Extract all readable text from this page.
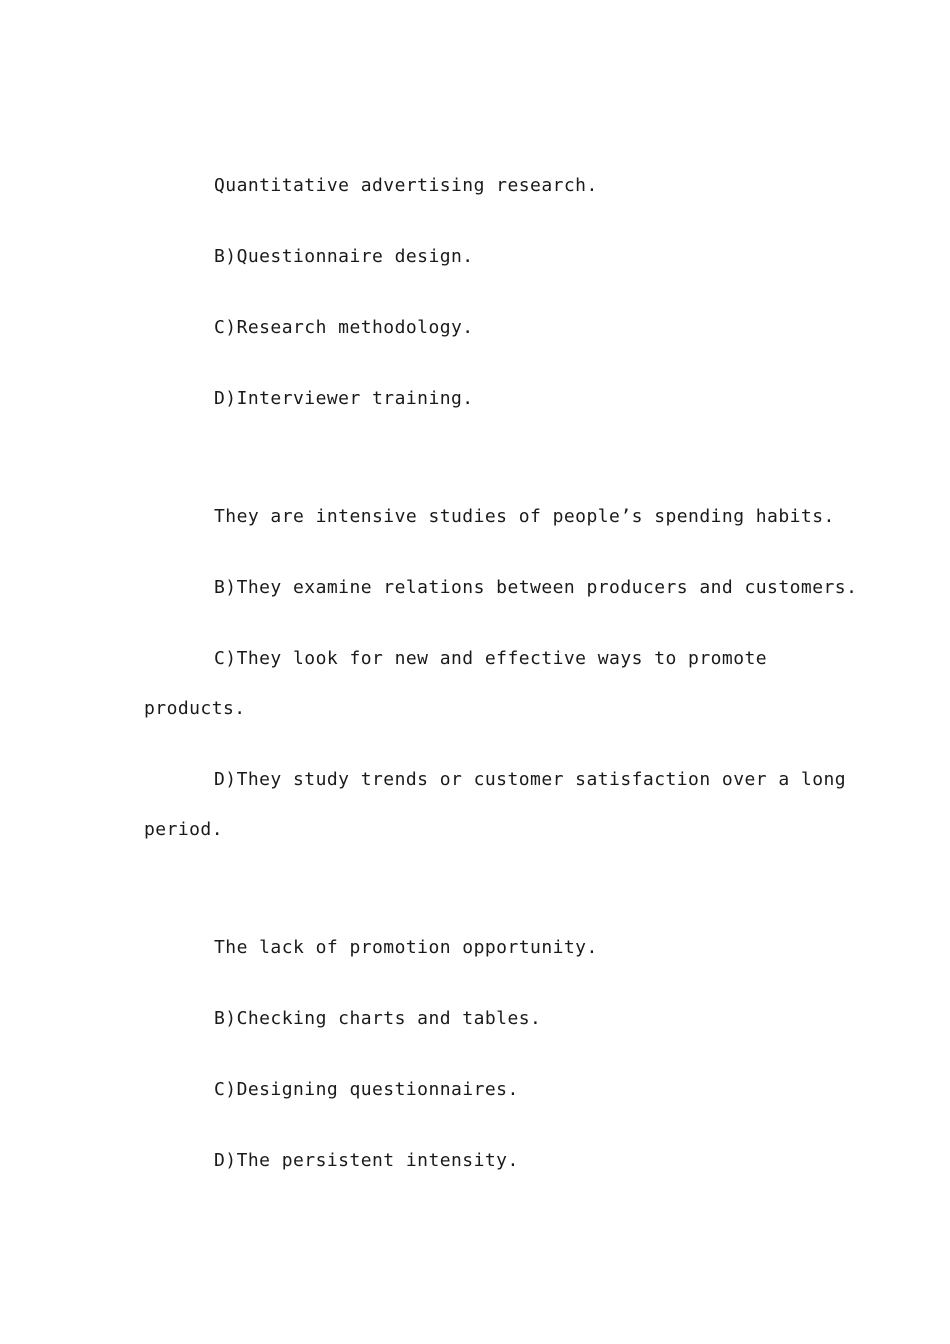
Quantitative advertising research.
B)Questionnaire design.
C)Research methodology.
D)Interviewer training.
They are intensive studies of people’s spending habits.
B)They examine relations between producers and customers.
C)They look for new and effective ways to promote
products.
D)They study trends or customer satisfaction over a long
period.
The lack of promotion opportunity.
B)Checking charts and tables.
C)Designing questionnaires.
D)The persistent intensity.
